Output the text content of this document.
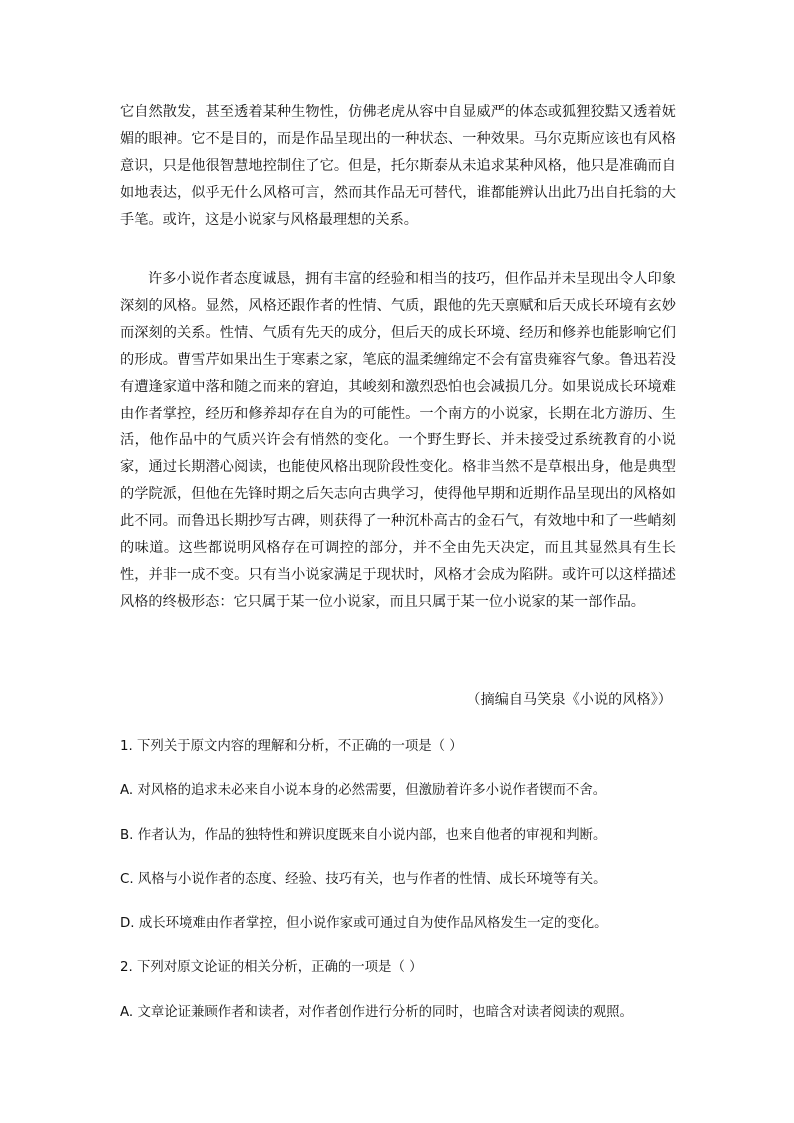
它自然散发，甚至透着某种生物性，仿佛老虎从容中自显威严的体态或狐狸狡黠又透着妩媚的眼神。它不是目的，而是作品呈现出的一种状态、一种效果。马尔克斯应该也有风格意识，只是他很智慧地控制住了它。但是，托尔斯泰从未追求某种风格，他只是准确而自如地表达，似乎无什么风格可言，然而其作品无可替代，谁都能辨认出此乃出自托翁的大手笔。或许，这是小说家与风格最理想的关系。

许多小说作者态度诚恳，拥有丰富的经验和相当的技巧，但作品并未呈现出令人印象深刻的风格。显然，风格还跟作者的性情、气质，跟他的先天禀赋和后天成长环境有玄妙而深刻的关系。性情、气质有先天的成分，但后天的成长环境、经历和修养也能影响它们的形成。曹雪芹如果出生于寒素之家，笔底的温柔缠绵定不会有富贵雍容气象。鲁迅若没有遭逢家道中落和随之而来的窘迫，其峻刻和激烈恐怕也会减损几分。如果说成长环境难由作者掌控，经历和修养却存在自为的可能性。一个南方的小说家，长期在北方游历、生活，他作品中的气质兴许会有悄然的变化。一个野生野长、并未接受过系统教育的小说家，通过长期潜心阅读，也能使风格出现阶段性变化。格非当然不是草根出身，他是典型的学院派，但他在先锋时期之后矢志向古典学习，使得他早期和近期作品呈现出的风格如此不同。而鲁迅长期抄写古碑，则获得了一种沉朴高古的金石气，有效地中和了一些峭刻的味道。这些都说明风格存在可调控的部分，并不全由先天决定，而且其显然具有生长性，并非一成不变。只有当小说家满足于现状时，风格才会成为陷阱。或许可以这样描述风格的终极形态：它只属于某一位小说家，而且只属于某一位小说家的某一部作品。

（摘编自马笑泉《小说的风格》）

1. 下列关于原文内容的理解和分析，不正确的一项是（ ）

A. 对风格的追求未必来自小说本身的必然需要，但激励着许多小说作者锲而不舍。

B. 作者认为，作品的独特性和辨识度既来自小说内部，也来自他者的审视和判断。

C. 风格与小说作者的态度、经验、技巧有关，也与作者的性情、成长环境等有关。

D. 成长环境难由作者掌控，但小说作家或可通过自为使作品风格发生一定的变化。

2. 下列对原文论证的相关分析，正确的一项是（ ）

A. 文章论证兼顾作者和读者，对作者创作进行分析的同时，也暗含对读者阅读的观照。
